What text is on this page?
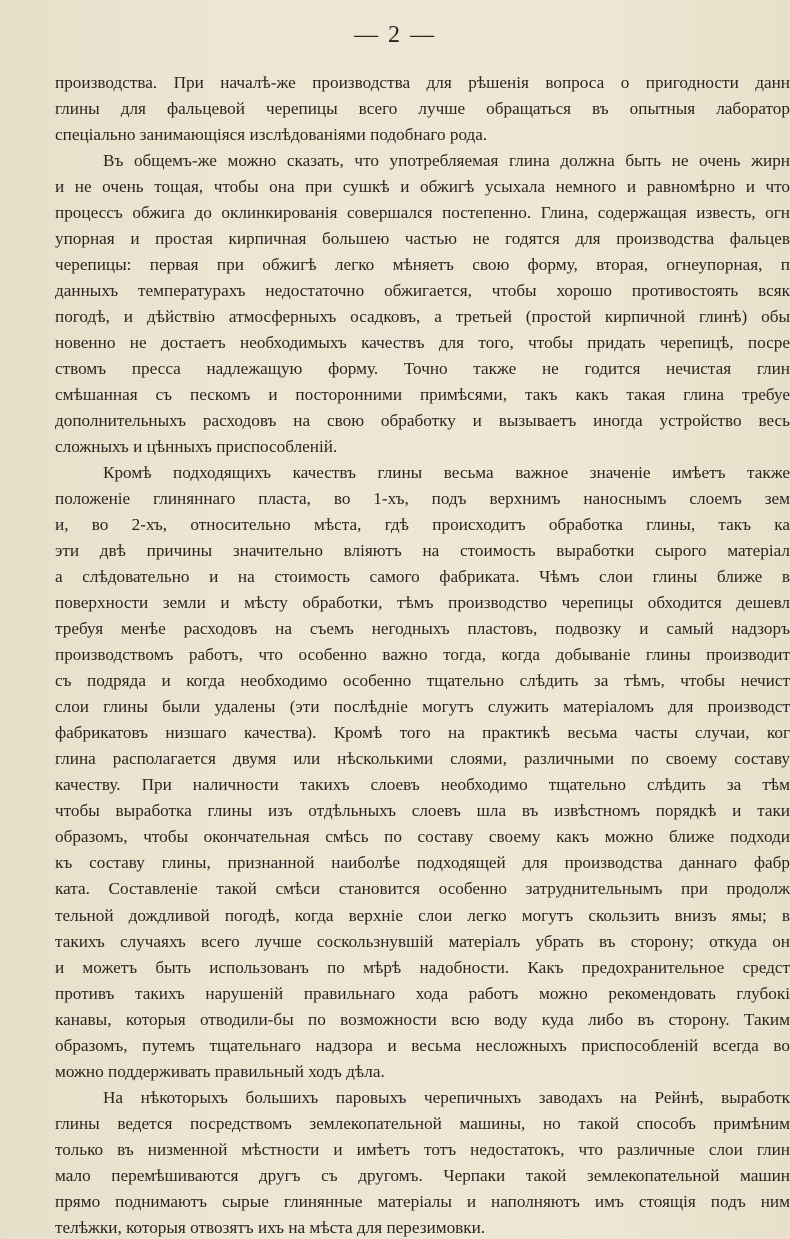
— 2 —
производства. При началѣ-же производства для рѣшенія вопроса о пригодности данн
глины для фальцевой черепицы всего лучше обращаться въ опытныя лаборатор
спеціально занимающіяся изслѣдованіями подобнаго рода.
Въ общемъ-же можно сказать, что употребляемая глина должна быть не очень жирн
и не очень тощая, чтобы она при сушкѣ и обжигѣ усыхала немного и равномѣрно и что
процессъ обжига до оклинкированія совершался постепенно. Глина, содержащая известь, огн
упорная и простая кирпичная большею частью не годятся для производства фальцев
черепицы: первая при обжигѣ легко мѣняетъ свою форму, вторая, огнеупорная, п
данныхъ температурахъ недостаточно обжигается, чтобы хорошо противостоять всяк
погодѣ, и дѣйствію атмосферныхъ осадковъ, а третьей (простой кирпичной глинѣ) обы
новенно не достаетъ необходимыхъ качествъ для того, чтобы придать черепицѣ, посре
ствомъ пресса надлежащую форму. Точно также не годится нечистая глин
смѣшанная съ пескомъ и посторонними примѣсями, такъ какъ такая глина требуе
дополнительныхъ расходовъ на свою обработку и вызываетъ иногда устройство весь
сложныхъ и цѣнныхъ приспособленій.
Кромѣ подходящихъ качествъ глины весьма важное значеніе имѣетъ также
положеніе глиняннаго пласта, во 1-хъ, подъ верхнимъ наноснымъ слоемъ зем
и, во 2-хъ, относительно мѣста, гдѣ происходитъ обработка глины, такъ ка
эти двѣ причины значительно вліяютъ на стоимость выработки сырого матеріал
а слѣдовательно и на стоимость самого фабриката. Чѣмъ слои глины ближе в
поверхности земли и мѣсту обработки, тѣмъ производство черепицы обходится дешевл
требуя менѣе расходовъ на съемъ негодныхъ пластовъ, подвозку и самый надзоръ
производствомъ работъ, что особенно важно тогда, когда добываніе глины производит
съ подряда и когда необходимо особенно тщательно слѣдить за тѣмъ, чтобы нечист
слои глины были удалены (эти послѣдніе могутъ служить матеріаломъ для производст
фабрикатовъ низшаго качества). Кромѣ того на практикѣ весьма часты случаи, ког
глина располагается двумя или нѣсколькими слоями, различными по своему составу
качеству. При наличности такихъ слоевъ необходимо тщательно слѣдить за тѣм
чтобы выработка глины изъ отдѣльныхъ слоевъ шла въ извѣстномъ порядкѣ и таки
образомъ, чтобы окончательная смѣсь по составу своему какъ можно ближе подходи
къ составу глины, признанной наиболѣе подходящей для производства даннаго фабр
ката. Составленіе такой смѣси становится особенно затруднительнымъ при продолж
тельной дождливой погодѣ, когда верхніе слои легко могутъ скользить внизъ ямы; в
такихъ случаяхъ всего лучше соскользнувшій матеріалъ убрать въ сторону; откуда он
и можетъ быть использованъ по мѣрѣ надобности. Какъ предохранительное средст
противъ такихъ нарушеній правильнаго хода работъ можно рекомендовать глубокі
канавы, которыя отводили-бы по возможности всю воду куда либо въ сторону. Таким
образомъ, путемъ тщательнаго надзора и весьма несложныхъ приспособленій всегда во
можно поддерживать правильный ходъ дѣла.
На нѣкоторыхъ большихъ паровыхъ черепичныхъ заводахъ на Рейнѣ, выработк
глины ведется посредствомъ землекопательной машины, но такой способъ примѣним
только въ низменной мѣстности и имѣетъ тотъ недостатокъ, что различные слои глин
мало перемѣшиваются другъ съ другомъ. Черпаки такой землекопательной машин
прямо поднимаютъ сырые глинянные матеріалы и наполняютъ имъ стоящія подъ ним
телѣжки, которыя отвозятъ ихъ на мѣста для перезимовки.
